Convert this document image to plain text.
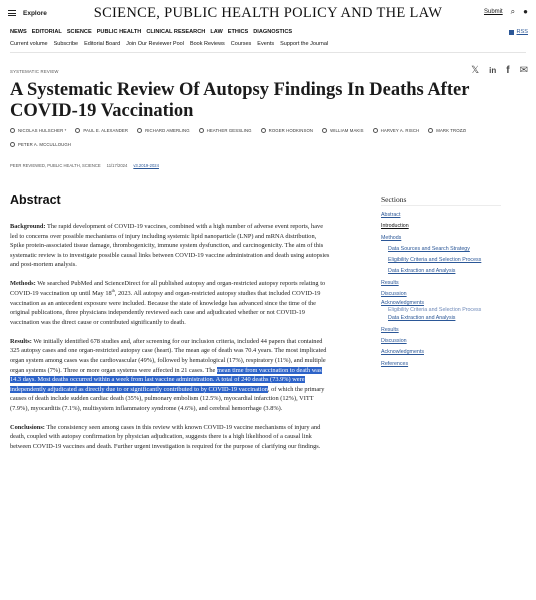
Explore	SCIENCE, PUBLIC HEALTH POLICY AND THE LAW	Submit ⌕ ●
NEWS EDITORIAL SCIENCE PUBLIC HEALTH CLINICAL RESEARCH LAW ETHICS DIAGNOSTICS	RSS
Current volume Subscribe Editorial Board Join Our Reviewer Pool Book Reviews Courses Events Support the Journal
SYSTEMATIC REVIEW	𝕏 in f ✉
A Systematic Review Of Autopsy Findings In Deaths After COVID-19 Vaccination
NICOLAS HULSCHER *	PAUL E. ALEXANDER	RICHARD AMERLING	HEATHER GESSLING	ROGER HODKINSON	WILLIAM MAKIS	HARVEY A. RISCH	MARK TROZZI
PETER A. MCCULLOUGH
PEER REVIEWED, PUBLIC HEALTH, SCIENCE 11/17/2024 v3.2019-2024
Abstract

Background: The rapid development of COVID-19 vaccines, combined with a high number of adverse event reports, have led to concerns over possible mechanisms of injury including systemic lipid nanoparticle (LNP) and mRNA distribution, Spike protein-associated tissue damage, thrombogenicity, immune system dysfunction, and carcinogenicity. The aim of this systematic review is to investigate possible causal links between COVID-19 vaccine administration and death using autopsies and post-mortem analysis.

Methods: We searched PubMed and ScienceDirect for all published autopsy and organ-restricted autopsy reports relating to COVID-19 vaccination up until May 18th, 2023. All autopsy and organ-restricted autopsy studies that included COVID-19 vaccination as an antecedent exposure were included. Because the state of knowledge has advanced since the time of the original publications, three physicians independently reviewed each case and adjudicated whether or not COVID-19 vaccination was the direct cause or contributed significantly to death.

Results: We initially identified 678 studies and, after screening for our inclusion criteria, included 44 papers that contained 325 autopsy cases and one organ-restricted autopsy case (heart). The mean age of death was 70.4 years. The most implicated organ system among cases was the cardiovascular (49%), followed by hematological (17%), respiratory (11%), and multiple organ systems (7%). Three or more organ systems were affected in 21 cases. The mean time from vaccination to death was 14.3 days. Most deaths occurred within a week from last vaccine administration. A total of 240 deaths (73.9%) were independently adjudicated as directly due to or significantly contributed to by COVID-19 vaccination, of which the primary causes of death include sudden cardiac death (35%), pulmonary embolism (12.5%), myocardial infarction (12%), VITT (7.9%), myocarditis (7.1%), multisystem inflammatory syndrome (4.6%), and cerebral hemorrhage (3.8%).

Conclusions: The consistency seen among cases in this review with known COVID-19 vaccine mechanisms of injury and death, coupled with autopsy confirmation by physician adjudication, suggests there is a high likelihood of a causal link between COVID-19 vaccines and death. Further urgent investigation is required for the purpose of clarifying our findings.

Sections
Abstract
Introduction
Methods
Data Sources and Search Strategy
Eligibility Criteria and Selection Process
Data Extraction and Analysis
Results
Discussion
Acknowledgments
Eligibility Criteria and Selection Process
Data Extraction and Analysis
Results
Discussion
Acknowledgments
References
